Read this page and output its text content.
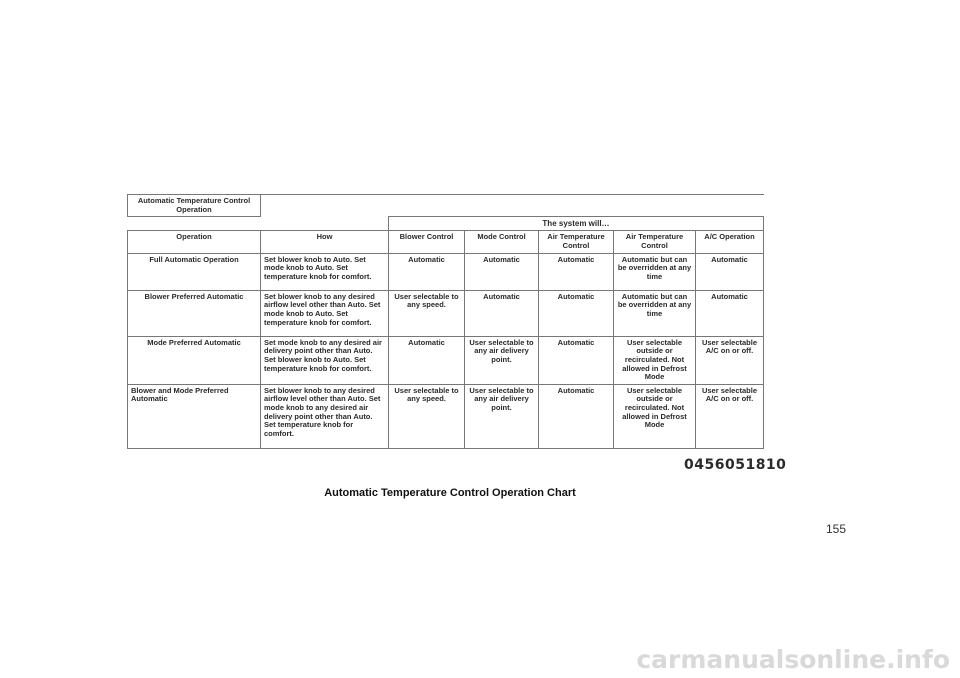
Automatic Temperature Control Operation						
		The system will…				
Operation	How	Blower Control	Mode Control	Air Temperature Control	Air Temperature Control	A/C Operation
Full Automatic Operation	Set blower knob to Auto. Set mode knob to Auto. Set temperature knob for comfort.	Automatic	Automatic	Automatic	Automatic but can be overridden at any time	Automatic
Blower Preferred Automatic	Set blower knob to any desired airflow level other than Auto. Set mode knob to Auto. Set temperature knob for comfort.	User selectable to any speed.	Automatic	Automatic	Automatic but can be overridden at any time	Automatic
Mode Preferred Automatic	Set mode knob to any desired air delivery point other than Auto. Set blower knob to Auto. Set temperature knob for comfort.	Automatic	User selectable to any air delivery point.	Automatic	User selectable outside or recirculated. Not allowed in Defrost Mode	User selectable A/C on or off.
Blower and Mode Preferred Automatic	Set blower knob to any desired airflow level other than Auto. Set mode knob to any desired air delivery point other than Auto. Set temperature knob for comfort.	User selectable to any speed.	User selectable to any air delivery point.	Automatic	User selectable outside or recirculated. Not allowed in Defrost Mode	User selectable A/C on or off.
0456051810
Automatic Temperature Control Operation Chart
155
carmanualsonline.info
